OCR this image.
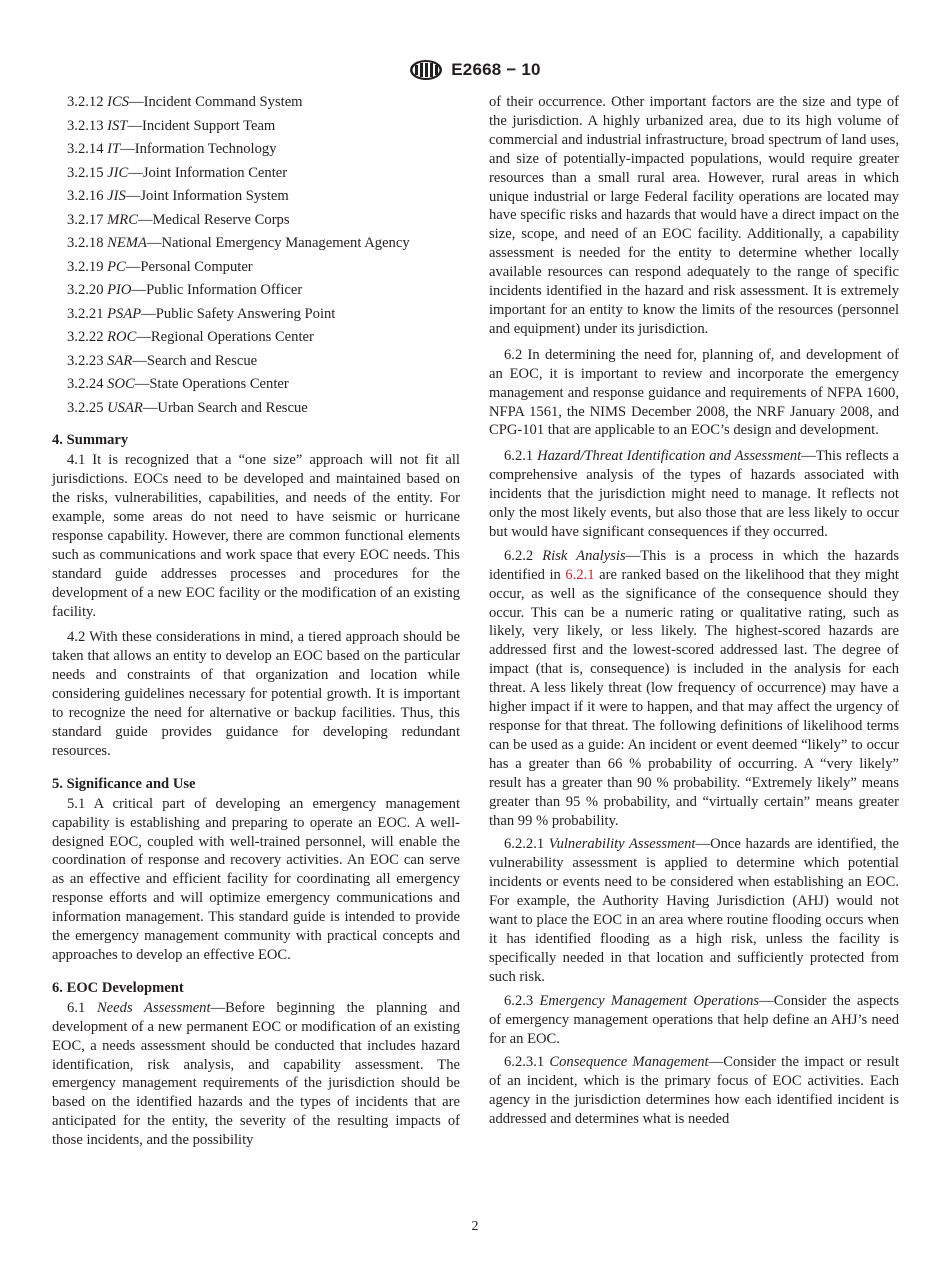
E2668 − 10
3.2.12 ICS—Incident Command System
3.2.13 IST—Incident Support Team
3.2.14 IT—Information Technology
3.2.15 JIC—Joint Information Center
3.2.16 JIS—Joint Information System
3.2.17 MRC—Medical Reserve Corps
3.2.18 NEMA—National Emergency Management Agency
3.2.19 PC—Personal Computer
3.2.20 PIO—Public Information Officer
3.2.21 PSAP—Public Safety Answering Point
3.2.22 ROC—Regional Operations Center
3.2.23 SAR—Search and Rescue
3.2.24 SOC—State Operations Center
3.2.25 USAR—Urban Search and Rescue
4. Summary

4.1 It is recognized that a “one size” approach will not fit all jurisdictions. EOCs need to be developed and maintained based on the risks, vulnerabilities, capabilities, and needs of the entity. For example, some areas do not need to have seismic or hurricane response capability. However, there are common functional elements such as communications and work space that every EOC needs. This standard guide addresses processes and procedures for the development of a new EOC facility or the modification of an existing facility.

4.2 With these considerations in mind, a tiered approach should be taken that allows an entity to develop an EOC based on the particular needs and constraints of that organization and location while considering guidelines necessary for potential growth. It is important to recognize the need for alternative or backup facilities. Thus, this standard guide provides guidance for developing redundant resources.

5. Significance and Use

5.1 A critical part of developing an emergency management capability is establishing and preparing to operate an EOC. A well-designed EOC, coupled with well-trained personnel, will enable the coordination of response and recovery activities. An EOC can serve as an effective and efficient facility for coordinating all emergency response efforts and will optimize emergency communications and information management. This standard guide is intended to provide the emergency management community with practical concepts and approaches to develop an effective EOC.

6. EOC Development

6.1 Needs Assessment—Before beginning the planning and development of a new permanent EOC or modification of an existing EOC, a needs assessment should be conducted that includes hazard identification, risk analysis, and capability assessment. The emergency management requirements of the jurisdiction should be based on the identified hazards and the types of incidents that are anticipated for the entity, the severity of the resulting impacts of those incidents, and the possibility

of their occurrence. Other important factors are the size and type of the jurisdiction. A highly urbanized area, due to its high volume of commercial and industrial infrastructure, broad spectrum of land uses, and size of potentially-impacted populations, would require greater resources than a small rural area. However, rural areas in which unique industrial or large Federal facility operations are located may have specific risks and hazards that would have a direct impact on the size, scope, and need of an EOC facility. Additionally, a capability assessment is needed for the entity to determine whether locally available resources can respond adequately to the range of specific incidents identified in the hazard and risk assessment. It is extremely important for an entity to know the limits of the resources (personnel and equipment) under its jurisdiction.

6.2 In determining the need for, planning of, and development of an EOC, it is important to review and incorporate the emergency management and response guidance and requirements of NFPA 1600, NFPA 1561, the NIMS December 2008, the NRF January 2008, and CPG-101 that are applicable to an EOC’s design and development.

6.2.1 Hazard/Threat Identification and Assessment—This reflects a comprehensive analysis of the types of hazards associated with incidents that the jurisdiction might need to manage. It reflects not only the most likely events, but also those that are less likely to occur but would have significant consequences if they occurred.

6.2.2 Risk Analysis—This is a process in which the hazards identified in 6.2.1 are ranked based on the likelihood that they might occur, as well as the significance of the consequence should they occur. This can be a numeric rating or qualitative rating, such as likely, very likely, or less likely. The highest-scored hazards are addressed first and the lowest-scored addressed last. The degree of impact (that is, consequence) is included in the analysis for each threat. A less likely threat (low frequency of occurrence) may have a higher impact if it were to happen, and that may affect the urgency of response for that threat. The following definitions of likelihood terms can be used as a guide: An incident or event deemed “likely” to occur has a greater than 66 % probability of occurring. A “very likely” result has a greater than 90 % probability. “Extremely likely” means greater than 95 % probability, and “virtually certain” means greater than 99 % probability.

6.2.2.1 Vulnerability Assessment—Once hazards are identified, the vulnerability assessment is applied to determine which potential incidents or events need to be considered when establishing an EOC. For example, the Authority Having Jurisdiction (AHJ) would not want to place the EOC in an area where routine flooding occurs when it has identified flooding as a high risk, unless the facility is specifically needed in that location and sufficiently protected from such risk.

6.2.3 Emergency Management Operations—Consider the aspects of emergency management operations that help define an AHJ’s need for an EOC.

6.2.3.1 Consequence Management—Consider the impact or result of an incident, which is the primary focus of EOC activities. Each agency in the jurisdiction determines how each identified incident is addressed and determines what is needed

2
